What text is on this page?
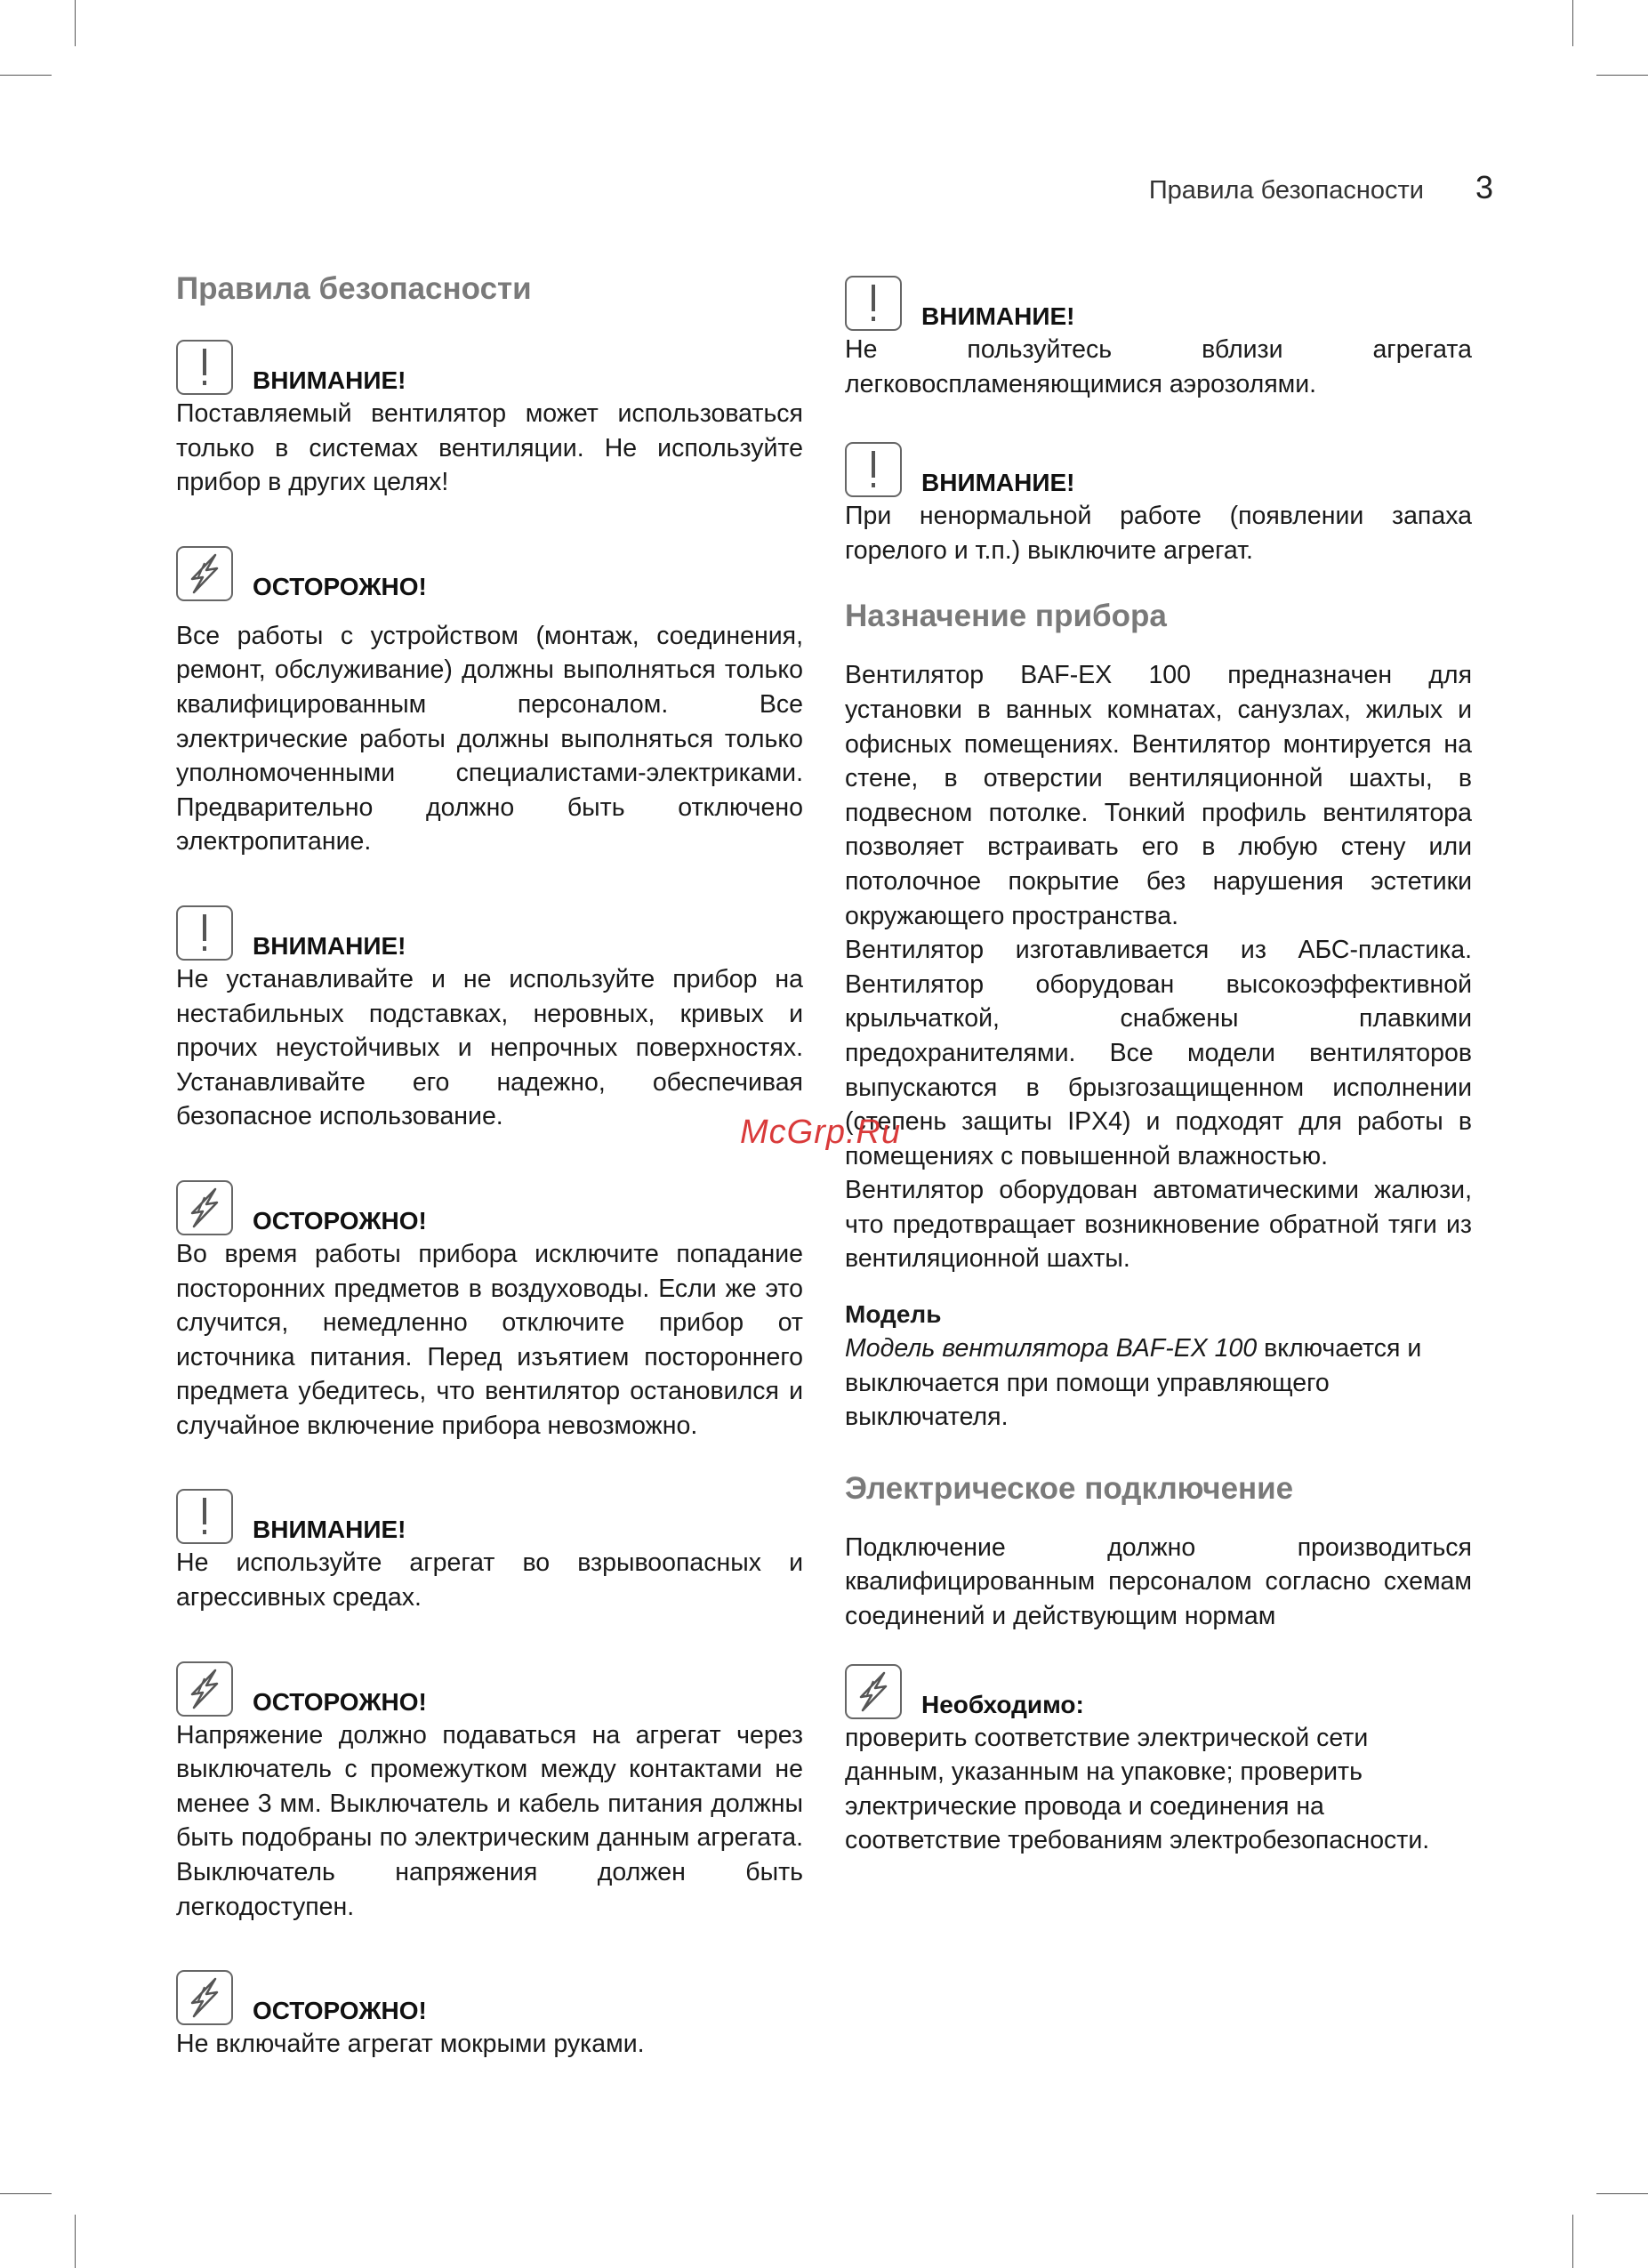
Правила безопасности 3
Правила безопасности
ВНИМАНИЕ!

Поставляемый вентилятор может использоваться только в системах вентиляции. Не используйте прибор в других целях!

ОСТОРОЖНО!

Все работы с устройством (монтаж, соединения, ремонт, обслуживание) должны выполняться только квалифицированным персоналом. Все электрические работы должны выполняться только уполномоченными специалистами-электриками. Предварительно должно быть отключено электропитание.

ВНИМАНИЕ!

Не устанавливайте и не используйте прибор на нестабильных подставках, неровных, кривых и прочих неустойчивых и непрочных поверхностях. Устанавливайте его надежно, обеспечивая безопасное использование.

ОСТОРОЖНО!

Во время работы прибора исключите попадание посторонних предметов в воздуховоды. Если же это случится, немедленно отключите прибор от источника питания. Перед изъятием постороннего предмета убедитесь, что вентилятор остановился и случайное включение прибора невозможно.

ВНИМАНИЕ!

Не используйте агрегат во взрывоопасных и агрессивных средах.

ОСТОРОЖНО!

Напряжение должно подаваться на агрегат через выключатель с промежутком между контактами не менее 3 мм. Выключатель и кабель питания должны быть подобраны по электрическим данным агрегата. Выключатель напряжения должен быть легкодоступен.

ОСТОРОЖНО!

Не включайте агрегат мокрыми руками.

ВНИМАНИЕ!

Не пользуйтесь вблизи агрегата легковоспламеняющимися аэрозолями.

ВНИМАНИЕ!

При ненормальной работе (появлении запаха горелого и т.п.) выключите агрегат.

Назначение прибора

Вентилятор BAF-EX 100 предназначен для установки в ванных комнатах, санузлах, жилых и офисных помещениях. Вентилятор монтируется на стене, в отверстии вентиляционной шахты, в подвесном потолке. Тонкий профиль вентилятора позволяет встраивать его в любую стену или потолочное покрытие без нарушения эстетики окружающего пространства.

Вентилятор изготавливается из АБС-пластика. Вентилятор оборудован высокоэффективной крыльчаткой, снабжены плавкими предохранителями. Все модели вентиляторов выпускаются в брызгозащищенном исполнении (степень защиты IPX4) и подходят для работы в помещениях с повышенной влажностью.

Вентилятор оборудован автоматическими жалюзи, что предотвращает возникновение обратной тяги из вентиляционной шахты.

Модель

Модель вентилятора BAF-EX 100 включается и выключается при помощи управляющего выключателя.

Электрическое подключение

Подключение должно производиться квалифицированным персоналом согласно схемам соединений и действующим нормам

Необходимо:

проверить соответствие электрической сети данным, указанным на упаковке; проверить электрические провода и соединения на соответствие требованиям электробезопасности.

McGrp.Ru
